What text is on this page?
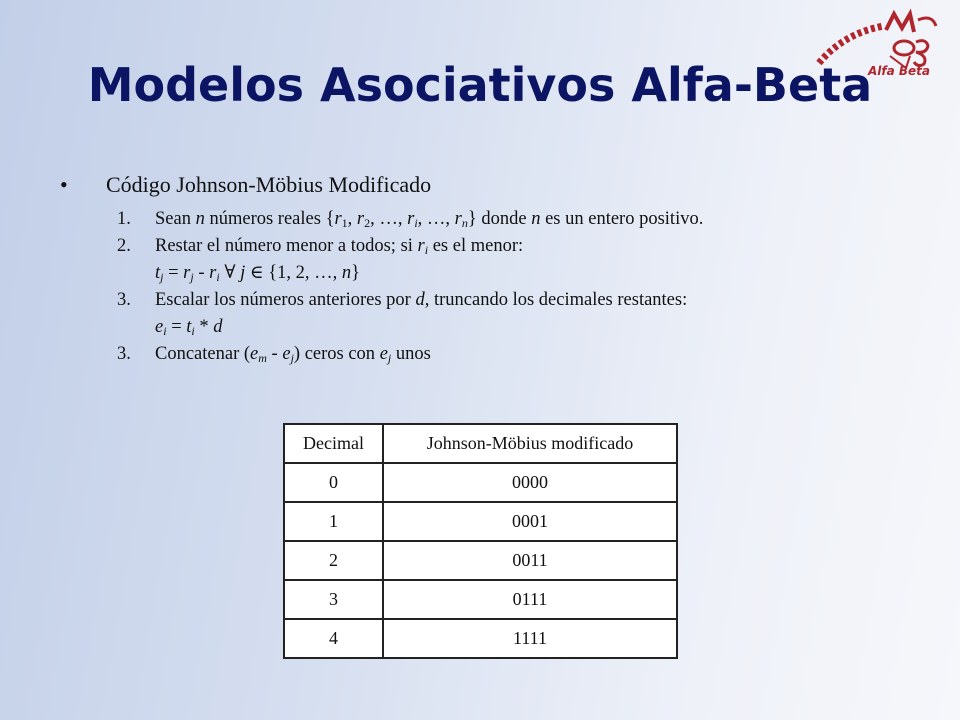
Modelos Asociativos Alfa-Beta
Alfa Beta
•	Código Johnson-Möbius Modificado
1.	Sean n números reales {$r_1$, $r_2$, …, $r_i$, …, $r_n$} donde n es un entero positivo.
2.	Restar el número menor a todos; si $r_i$ es el menor:
$t_j = r_j - r_i$ ∀ j ∈ {1, 2, …, n}
3.	Escalar los números anteriores por d, truncando los decimales restantes:
$e_i = t_i * d$
3.	Concatenar $(e_m - e_j)$ ceros con $e_j$ unos
Decimal	Johnson-Möbius modificado
0	0000
1	0001
2	0011
3	0111
4	1111
